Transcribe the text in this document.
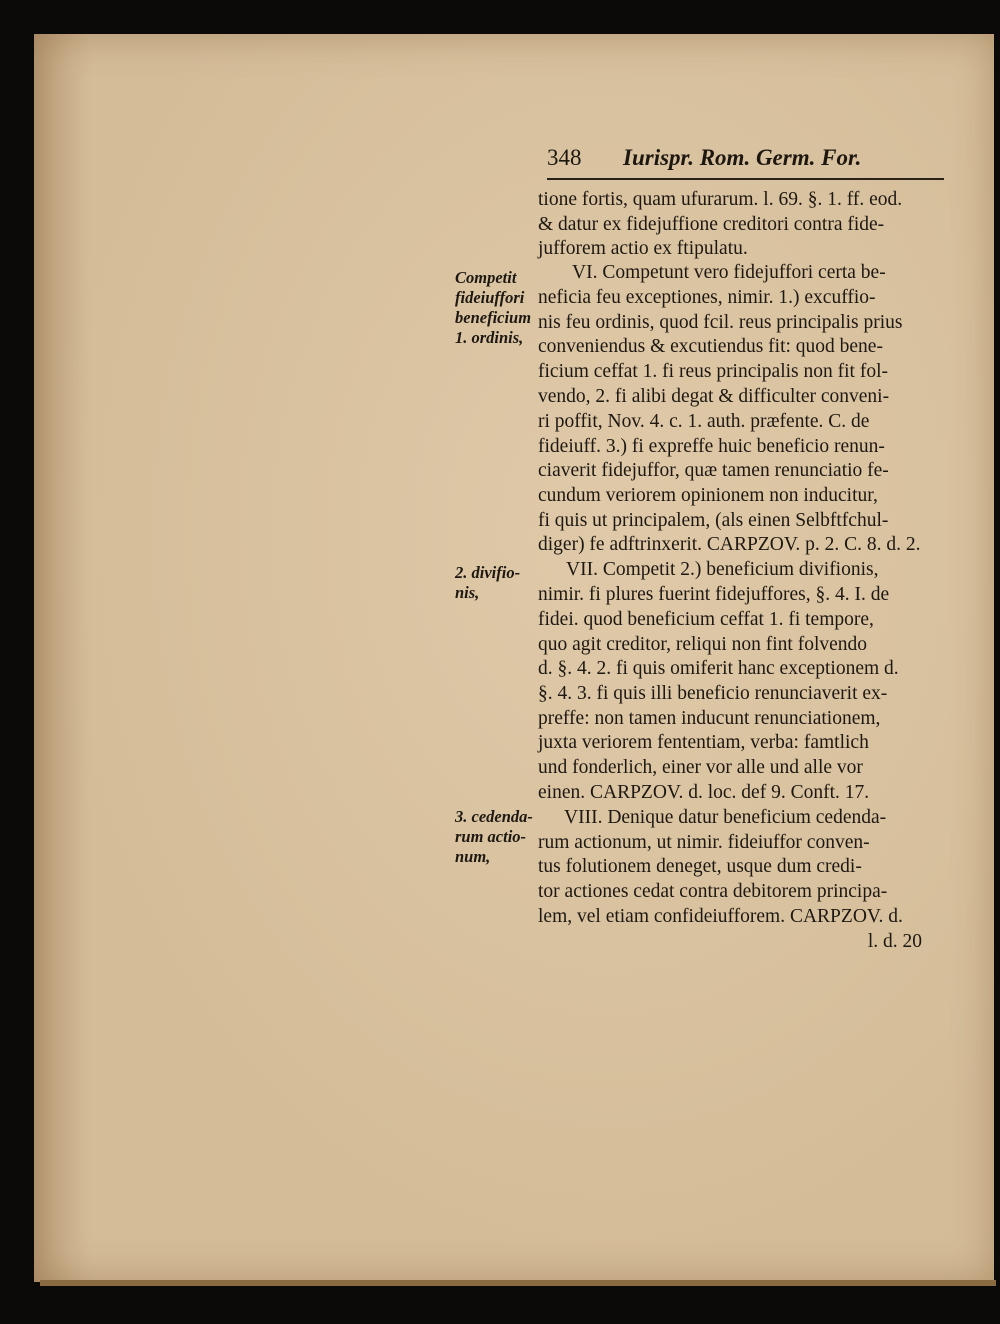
348 Iurispr. Rom. Germ. For.
tione fortis, quam ufurarum. l. 69. §. 1. ff. eod.
& datur ex fidejuffione creditori contra fide-
jufforem actio ex ftipulatu.
VI. Competunt vero fidejuffori certa be-
neficia feu exceptiones, nimir. 1.) excuffio-
nis feu ordinis, quod fcil. reus principalis prius
conveniendus & excutiendus fit: quod bene-
ficium ceffat 1. fi reus principalis non fit fol-
vendo, 2. fi alibi degat & difficulter conveni-
ri poffit, Nov. 4. c. 1. auth. præfente. C. de
fideiuff. 3.) fi expreffe huic beneficio renun-
ciaverit fidejuffor, quæ tamen renunciatio fe-
cundum veriorem opinionem non inducitur,
fi quis ut principalem, (als einen Selbftfchul-
diger) fe adftrinxerit. CARPZOV. p. 2. C. 8. d. 2.
VII. Competit 2.) beneficium divifionis,
nimir. fi plures fuerint fidejuffores, §. 4. I. de
fidei. quod beneficium ceffat 1. fi tempore,
quo agit creditor, reliqui non fint folvendo
d. §. 4. 2. fi quis omiferit hanc exceptionem d.
§. 4. 3. fi quis illi beneficio renunciaverit ex-
preffe: non tamen inducunt renunciationem,
juxta veriorem fententiam, verba: famtlich
und fonderlich, einer vor alle und alle vor
einen. CARPZOV. d. loc. def 9. Conft. 17.
VIII. Denique datur beneficium cedenda-
rum actionum, ut nimir. fideiuffor conven-
tus folutionem deneget, usque dum credi-
tor actiones cedat contra debitorem principa-
lem, vel etiam confideiufforem. CARPZOV. d.
l. d. 20
Competit
fideiuffori
beneficium
1. ordinis,
2. divifio-
nis,
3. cedenda-
rum actio-
num,
